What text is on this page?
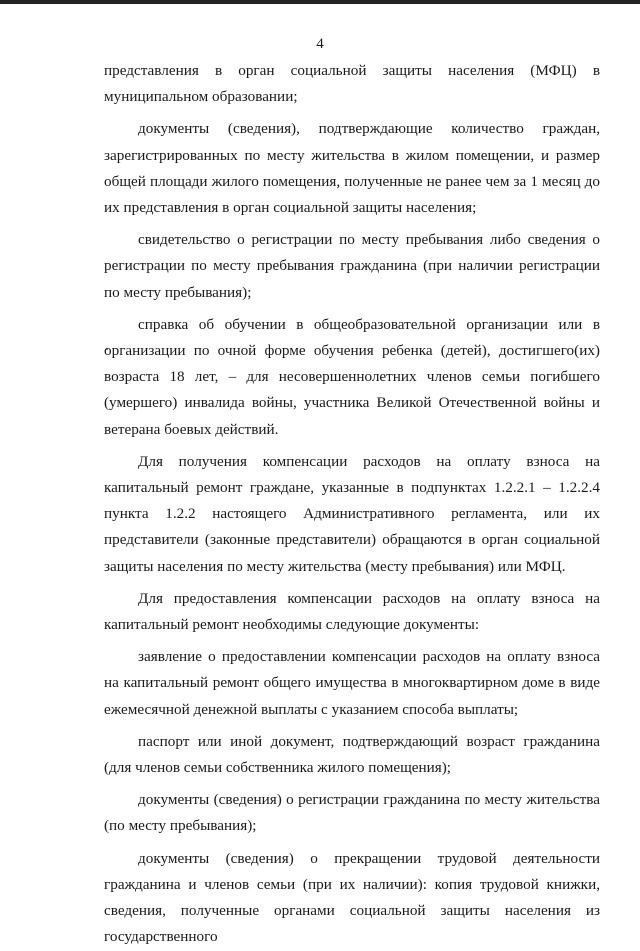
4

представления в орган социальной защиты населения (МФЦ) в муниципальном образовании;

документы (сведения), подтверждающие количество граждан, зарегистрированных по месту жительства в жилом помещении, и размер общей площади жилого помещения, полученные не ранее чем за 1 месяц до их представления в орган социальной защиты населения;

свидетельство о регистрации по месту пребывания либо сведения о регистрации по месту пребывания гражданина (при наличии регистрации по месту пребывания);

справка об обучении в общеобразовательной организации или в организации по очной форме обучения ребенка (детей), достигшего(их) возраста 18 лет, – для несовершеннолетних членов семьи погибшего (умершего) инвалида войны, участника Великой Отечественной войны и ветерана боевых действий.

Для получения компенсации расходов на оплату взноса на капитальный ремонт граждане, указанные в подпунктах 1.2.2.1 – 1.2.2.4 пункта 1.2.2 настоящего Административного регламента, или их представители (законные представители) обращаются в орган социальной защиты населения по месту жительства (месту пребывания) или МФЦ.

Для предоставления компенсации расходов на оплату взноса на капитальный ремонт необходимы следующие документы:

заявление о предоставлении компенсации расходов на оплату взноса на капитальный ремонт общего имущества в многоквартирном доме в виде ежемесячной денежной выплаты с указанием способа выплаты;

паспорт или иной документ, подтверждающий возраст гражданина (для членов семьи собственника жилого помещения);

документы (сведения) о регистрации гражданина по месту жительства (по месту пребывания);

документы (сведения) о прекращении трудовой деятельности гражданина и членов семьи (при их наличии): копия трудовой книжки, сведения, полученные органами социальной защиты населения из государственного
